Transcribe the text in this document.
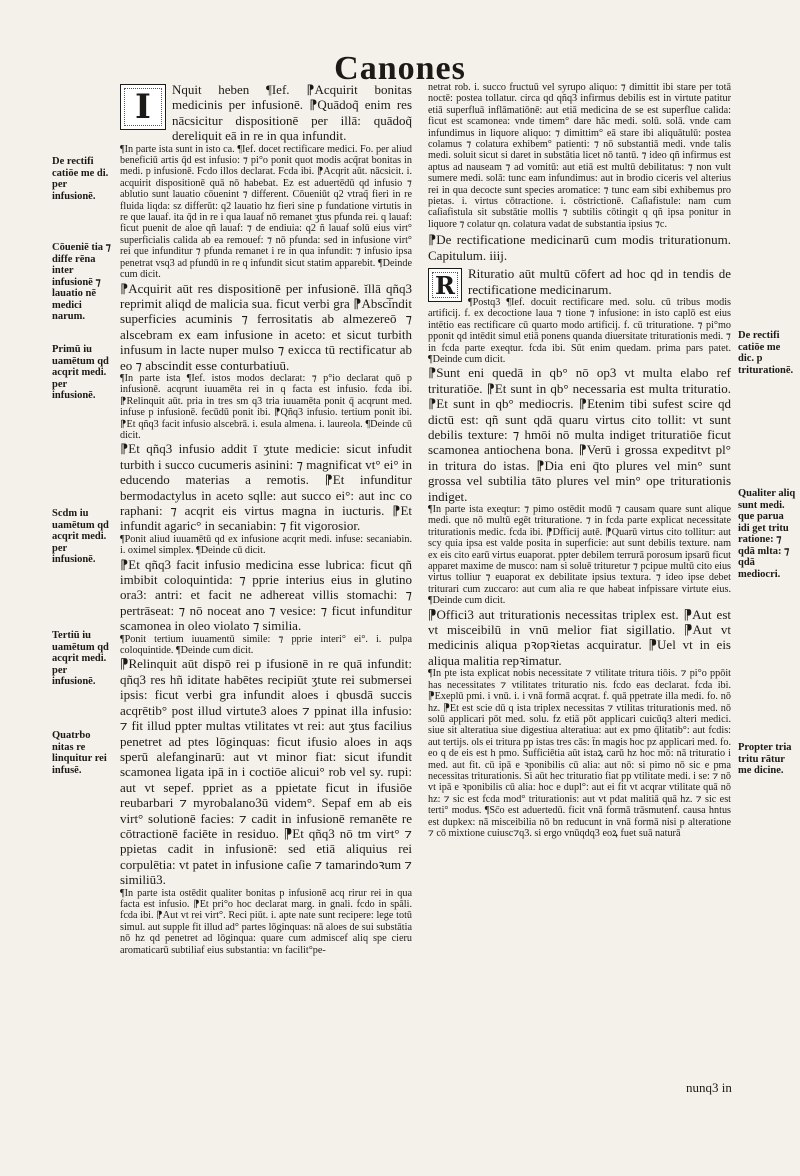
Canones
I	Nquit heben ¶Ief. ⁋Acquirit bonitas medicinis per infusionē. ⁋Quādoq̃ enim res nācsicitur dispositionē per illā: quādoq̃ dereliquit eā in re in qua infundit.

¶In parte ista sunt in isto ca. ¶Ief. docet rectificare medici. Fo. per aliud beneficiū artis q̄d est infusio: ⁊ pi°o ponit quot modis acq̃rat bonitas in medi. p infusionē. Fcdo illos declarat. Fcda ibi. ⁋Acqrit aūt. nācsicit. i. acquirit dispositionē quā nō habebat. Ez est aduertēdū qd infusio ⁊ ablutio sunt lauatio cōuenint ⁊ different. Cōueniūt q2 vtraq̃ fieri in re fluida liqda: sz differūt: q2 lauatio hz fieri sine p fundatione virtutis in re que lauaf. ita q̄d in re i qua lauaf nō remanet ʒtus pfunda rei. q lauaf: ficut puenit de aloe qñ lauaf: ⁊ de endiuia: q2 ñ lauaf solū eius virt° superficialis calida ab ea remouef: ⁊ nō pfunda: sed in infusione virt° rei que infunditur ⁊ pfunda remanet i re in qua infundit: ⁊ infusio ipsa penetrat vsq3 ad pfundū in re q infundit sicut statim apparebit. ¶Deinde cum dicit.

⁋Acquirit aūt res dispositionē per infusionē. ĭllā qñq3 reprimit aliqd de malicia sua. ficut verbi gra ⁋Absci̅ndit superficies acuminis ⁊ ferrositatis ab almezereō ⁊ alscebram ex eam infusione in aceto: et sicut turbith infusum in lacte nuper mulso ⁊ exicca tū rectificatur ab eo ⁊ abscindit esse conturbatiuū.

¶In parte ista ¶Ief. istos modos declarat: ⁊ p°io declarat quō p infusionē. acqrunt iuuamēta rei in q facta est infusio. fcda ibi. ⁋Relinquit aūt. pria in tres sm q3 tria iuuamēta ponit q̄ acqrunt med. infuse p infusionē. fecūdū ponit ibi. ⁋Qñq3 infusio. tertium ponit ibi. ⁋Et qñq3 facit infusio alscebrā. i. esula almena. i. laureola. ¶Deinde cū dicit.

⁋Et qñq3 infusio addit ī ʒtute medicie: sicut infudit turbith i succo cucumeris asinini: ⁊ magnificat vt° ei° in educendo materias a remotis. ⁋Et infunditur bermodactylus in aceto sqlle: aut succo ei°: aut inc co raphani: ⁊ acqrit eis virtus magna in iucturis. ⁋Et infundit agaric° in secaniabin: ⁊ fit vigorosior.

¶Ponit aliud iuuamētū qd ex infusione acqrit medi. infuse: secaniabin. i. oximel simplex. ¶Deinde cū dicit.

⁋Et qñq3 facit infusio medicina esse lubrica: ficut qñ imbibit coloquintida: ⁊ pprie interius eius in glutino ora3: antri: et facit ne adhereat villis stomachi: ⁊ pertrāseat: ⁊ nō noceat ano ⁊ vesice: ⁊ ficut infunditur scamonea in oleo violato ⁊ similia.

¶Ponit tertium iuuamentū simile: ⁊ pprie interi° ei°. i. pulpa coloquintide. ¶Deinde cum dicit.

⁋Relinquit aūt dispō rei p ifusionē in re quā infundit: qñq3 res hñ iditate habētes recipiūt ʒtute rei submersei ipsis: ficut verbi gra infundit aloes i qbusdā succis acqrētib° post illud virtute3 aloes ⁊ ppinat illa infusio: ⁊ fit illud ppter multas vtilitates vt rei: aut ʒtus facilius penetret ad ptes lōginquas: ficut ifusio aloes in aqs sperū alefanginarū: aut vt minor fiat: sicut ifundit scamonea ligata ipā in i coctiōe alicui° rob vel sy. rupi: aut vt sepef. ppriet as a ppietate ficut in ifusiōe reubarbari ⁊ myrobalano3ū videm°. Sepaf em ab eis virt° solutionē facies: ⁊ cadit in infusionē remanēte re cōtractionē faciēte in residuo. ⁋Et qñq3 nō tm virt° ⁊ ppietas cadit in infusionē: sed etiā aliquius rei corpulētia: vt patet in infusione caſie ⁊ tamarindoꝛum ⁊ similiū3.

¶In parte ista ostēdit qualiter bonitas p infusionē acq rirur rei in qua facta est infusio. ⁋Et pri°o hoc declarat marg. in gnali. fcdo in spāli. fcda ibi. ⁋Aut vt rei virt°. Reci piūt. i. apte nate sunt recipere: lege totū simul. aut supple fit illud ad° partes lōginquas: nā aloes de sui substātia nō hz qd penetret ad lōginqua: quare cum admiscef aliq spe cieru aromaticarū subtiliaf eius substantia: vn facilit°pe-

netrat rob. i. succo fructuū vel syrupo aliquo: ⁊ dimittit ibi stare per totā noctē: postea tollatur. circa qd qñq3 infirmus debilis est in virtute patitur etiā superfluā inflāmatiōnē: aut etiā medicina de se est superflue calida: ficut est scamonea: vnde timem° dare hāc medi. solū. solā. vnde cam infundimus in liquore aliquo: ⁊ dimittim° eā stare ibi aliquātulū: postea colamus ⁊ colatura exhibem° patienti: ⁊ nō substantiā medi. vnde talis medi. soluit sicut si daret in substātia licet nō tantū. ⁊ ideo qñ infirmus est aptus ad nauseam ⁊ ad vomitū: aut etiā est multū debilitatus: ⁊ non vult sumere medi. solā: tunc eam infundimus: aut in brodio ciceris vel alterius rei in qua decocte sunt species aromatice: ⁊ tunc eam sibi exhibemus pro pietas. i. virtus cōtractione. i. cōstrictionē. Caſiafistule: nam cum caſiafistula sit substātie mollis ⁊ subtilis cōtingit q qñ ipsa ponitur in liquore ⁊ colatur qn. colatura vadat de substantia ipsius ⁊c.

⁋De rectificatione medicinarū cum modis triturationum. Capitulum. iiij.

R	Rituratio aūt multū cōfert ad hoc qd in tendis de rectificatione medicinarum.

¶Postq3 ¶Ief. docuit rectificare med. solu. cū tribus modis artificij. f. ex decoctione laua ⁊ tione ⁊ infusione: in isto caplō est eius intētio eas rectificare cū quarto modo artificij. f. cū trituratione. ⁊ pi°mo pponit qd intēdit simul etiā ponens quanda diuersitate triturationis medi. ⁊ in fcda parte exeqtur. fcda ibi. Sūt enim quedam. prima pars patet. ¶Deinde cum dicit.

⁋Sunt eni quedā in qb° nō op3 vt multa elabo ref trituratiōe. ⁋Et sunt in qb° necessaria est multa trituratio. ⁋Et sunt in qb° mediocris. ⁋Etenim tibi sufest scire qd dictū est: qñ sunt qdā quaru virtus cito tollit: vt sunt debilis texture: ⁊ hmōi nō multa indiget trituratiōe ficut scamonea antiochena bona. ⁋Verū i grossa expeditvt pl° in tritura do istas. ⁋Dia eni q̄to plures vel min° sunt grossa vel subtilia tāto plures vel min° ope triturationis indiget.

¶In parte ista exeqtur: ⁊ pimo ostēdit modū ⁊ causam quare sunt alique medi. que nō multū egēt trituratione. ⁊ in fcda parte explicat necessitate triturationis medic. fcda ibi. ⁋Dfficij autē. ⁋Quarū virtus cito tollitur: aut scy quia ipsa est valde posita in superficie: aut sunt debilis texture. nam ex eis cito earū virtus euaporat. ppter debilem terrurā porosum ipsarū ficut apparet maxime de musco: nam si soluē trituretur ⁊ pcipue multū cito eius virtus tolliur ⁊ euaporat ex debilitate ipsius textura. ⁊ ideo ipse debet triturari cum zuccaro: aut cum alia re que habeat infpissare virtute eius. ¶Deinde cum dicit.

⁋Offici3 aut triturationis necessitas triplex est. ⁋Aut est vt misceibilū in vnū melior fiat sigillatio. ⁋Aut vt medicinis aliqua pꝛopꝛietas acquiratur. ⁋Uel vt in eis aliqua malitia repꝛimatur.

¶In pte ista explicat nobis necessitate ⁊ vtilitate tritura tiōis. ⁊ pi°o ppōit has necessitates ⁊ vtilitates trituratio nis. fcdo eas declarat. fcda ibi. ⁋Exeplū pmi. i vnū. i. i vnā formā acqrat. f. quā ppetrate illa medi. fo. nō hz. ⁋Et est scie dū q ista triplex necessitas ⁊ vtilitas triturationis med. nō solū applicari pōt med. solu. fz etiā pōt applicari cuicūq3 alteri medici. siue sit alteratiua siue digestiua alteratiua: aut ex pmo q̄litatib°: aut fcdis: aut tertijs. ols ei tritura pp istas tres cās: t̄n magis hoc pz applicari med. fo. eo q de eis est h pmo. Sufficiētia aūt istaꝝ carū hz hoc mō: nā trituratio i med. aut fit. cū ipā e ꝛponibilis cū alia: aut nō: si pimo nō sic e pma necessitas triturationis. Si aūt hec trituratio fiat pp vtilitate medi. i se: ⁊ nō vt ipā e ꝛponibilis cū alia: hoc e dupl°: aut ei fit vt acqrar vtilitate quā nō hz: ⁊ sic est fcda mod° triturationis: aut vt pdat malitiā quā hz. ⁊ sic est terti° modus. ¶Sc̄o est aduertedū. ficit vnā formā trāsmutenf. causa hntus est dupkex: nā misceibilia nō bn reducunt in vnā formā nisi p alteratione ⁊ cō mixtione cuiusc⁊q3. si ergo vnūqdq3 eoꝝ fuet suā naturā

De rectifi catiōe me di. per infusionē.
Cōueniē tia ⁊ diffe rēna inter infusionē ⁊ lauatio nē medici narum.
Primū iu uamētum qd acqrit medi. per infusionē.
Scdm iu uamētum qd acqrit medi. per infusionē.
Tertiū iu uamētum qd acqrit medi. per infusionē.
Quatrbo nitas re linquitur rei infusē.
De rectifi catiōe me dic. p triturationē.
Qualiter aliq sunt medi. que parua idi get tritu ratione: ⁊ qdā mlta: ⁊ qdā mediocri.
Propter tria tritu rātur me dicine.
nunq3 in
